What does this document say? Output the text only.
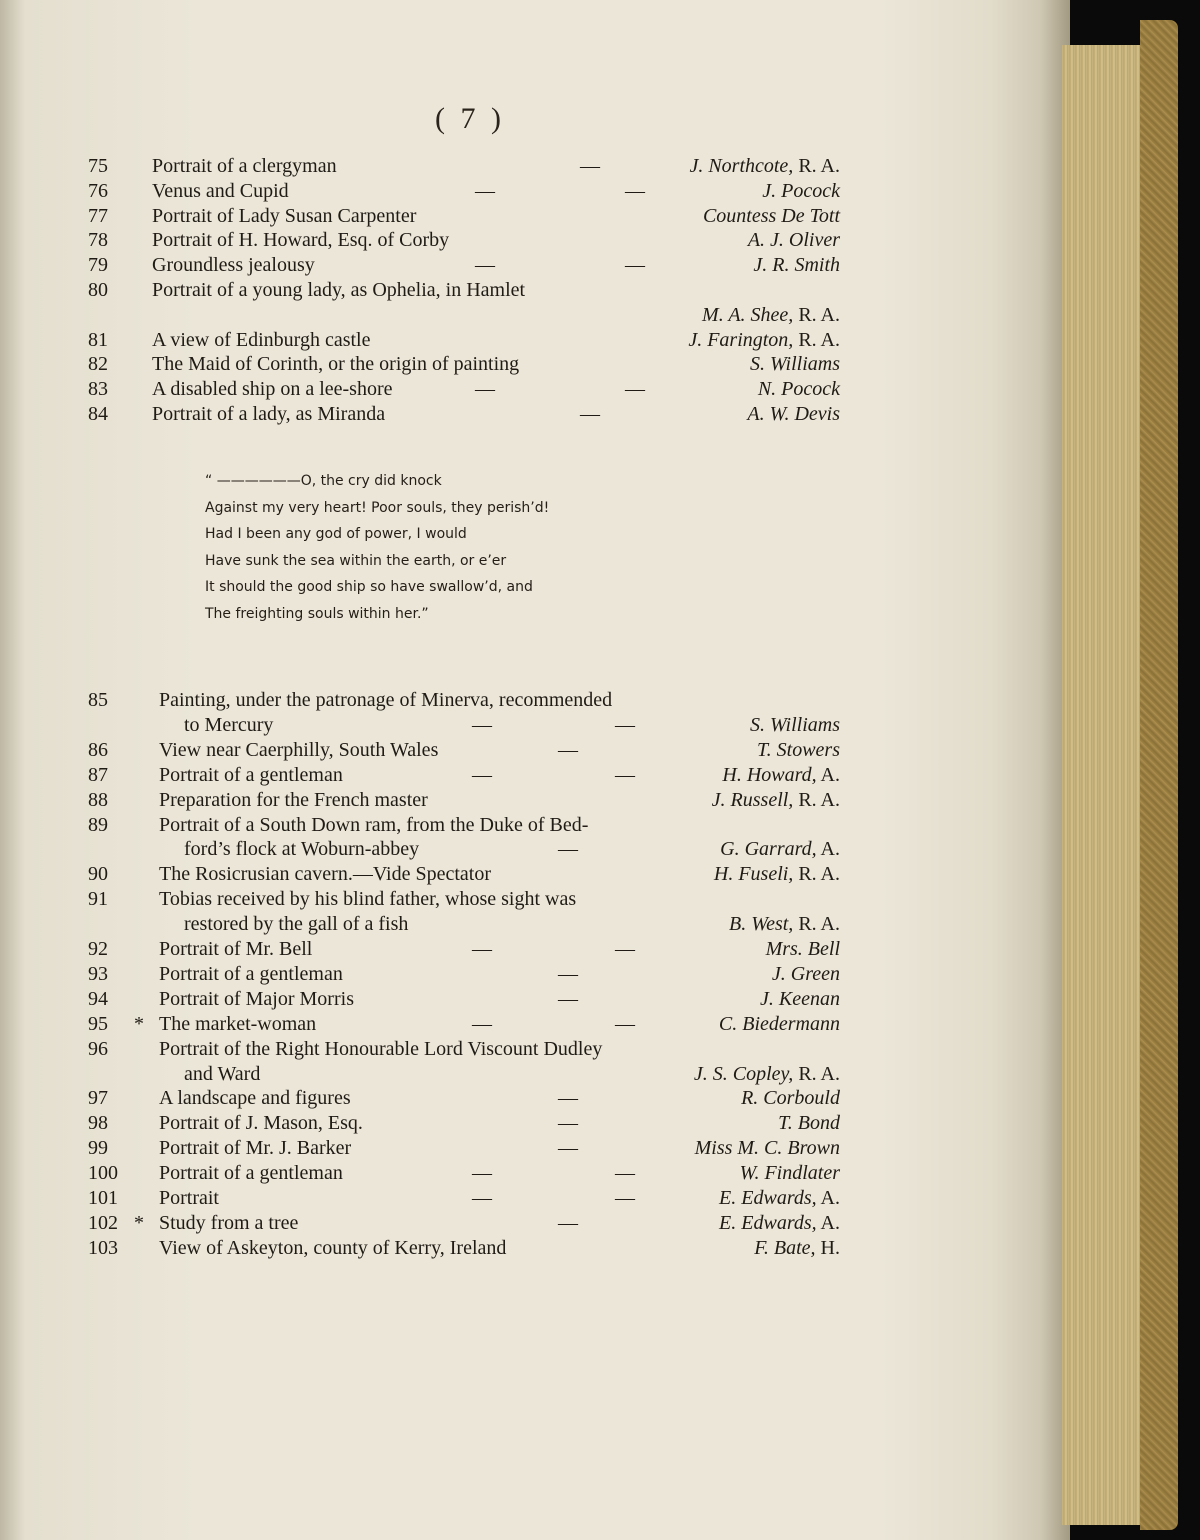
( 7 )
75	Portrait of a clergyman	—	J. Northcote, R. A.
76	Venus and Cupid	—	—	J. Pocock
77	Portrait of Lady Susan Carpenter	Countess De Tott
78	Portrait of H. Howard, Esq. of Corby	A. J. Oliver
79	Groundless jealousy	—	—	J. R. Smith
80	Portrait of a young lady, as Ophelia, in Hamlet
M. A. Shee, R. A.
81	A view of Edinburgh castle	J. Farington, R. A.
82	The Maid of Corinth, or the origin of painting	S. Williams
83	A disabled ship on a lee-shore	—	—	N. Pocock
84	Portrait of a lady, as Miranda	—	A. W. Devis
“ ——————O, the cry did knock
Against my very heart! Poor souls, they perish’d!
Had I been any god of power, I would
Have sunk the sea within the earth, or e’er
It should the good ship so have swallow’d, and
The freighting souls within her.”
85	Painting, under the patronage of Minerva, recommended
to Mercury	—	—	S. Williams
86	View near Caerphilly, South Wales	—	T. Stowers
87	Portrait of a gentleman	—	—	H. Howard, A.
88	Preparation for the French master	J. Russell, R. A.
89	Portrait of a South Down ram, from the Duke of Bed-
ford’s flock at Woburn-abbey	—	G. Garrard, A.
90	The Rosicrusian cavern.—Vide Spectator	H. Fuseli, R. A.
91	Tobias received by his blind father, whose sight was
restored by the gall of a fish	B. West, R. A.
92	Portrait of Mr. Bell	—	—	Mrs. Bell
93	Portrait of a gentleman	—	J. Green
94	Portrait of Major Morris	—	J. Keenan
95	* The market-woman	—	—	C. Biedermann
96	Portrait of the Right Honourable Lord Viscount Dudley
and Ward	J. S. Copley, R. A.
97	A landscape and figures	—	R. Corbould
98	Portrait of J. Mason, Esq.	—	T. Bond
99	Portrait of Mr. J. Barker	—	Miss M. C. Brown
100	Portrait of a gentleman	—	—	W. Findlater
101	Portrait	—	—	E. Edwards, A.
102 * Study from a tree	—	E. Edwards, A.
103	View of Askeyton, county of Kerry, Ireland	F. Bate, H.
